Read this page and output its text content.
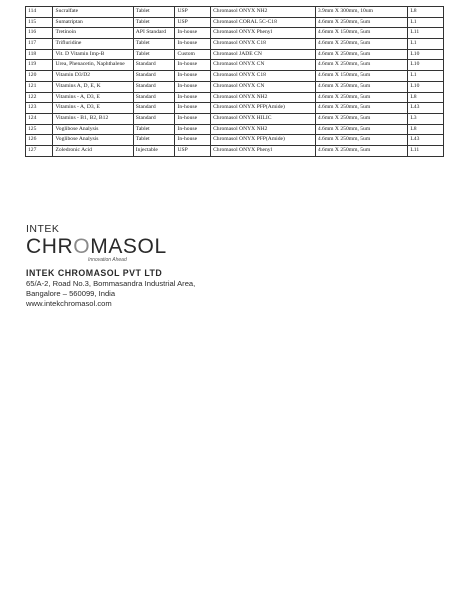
114	Sucralfate	Tablet	USP	Chromasol ONYX NH2	3.9mm X 300mm, 10um	L8
115	Sumatriptan	Tablet	USP	Chromasol CORAL 5C-C18	4.6mm X 250mm, 5um	L1
116	Tretinoin	API Standard	In-house	Chromasol ONYX Phenyl	4.6mm X 150mm, 5um	L11
117	Trifluridine	Tablet	In-house	Chromasol ONYX C18	4.6mm X 250mm, 5um	L1
118	Vit. D Vitamin Imp-B	Tablet	Custom	Chromasol JADE CN	4.6mm X 250mm, 5um	L10
119	Urea, Phenacetin, Naphthalene	Standard	In-house	Chromasol ONYX CN	4.6mm X 250mm, 5um	L10
120	Vitamin D3/D2	Standard	In-house	Chromasol ONYX C18	4.6mm X 150mm, 5um	L1
121	Vitamins A, D, E, K	Standard	In-house	Chromasol ONYX CN	4.6mm X 250mm, 5um	L10
122	Vitamins - A, D3, E	Standard	In-house	Chromasol ONYX NH2	4.6mm X 250mm, 5um	L8
123	Vitamins - A, D3, E	Standard	In-house	Chromasol ONYX PFP(Amide)	4.6mm X 250mm, 5um	L43
124	Vitamins - B1, B2, B12	Standard	In-house	Chromasol ONYX HILIC	4.6mm X 250mm, 5um	L3
125	Voglibose Analysis	Tablet	In-house	Chromasol ONYX NH2	4.6mm X 250mm, 5um	L8
126	Voglibose Analysis	Tablet	In-house	Chromasol ONYX PFP(Amide)	4.6mm X 250mm, 5um	L43
127	Zoledronic Acid	Injectable	USP	Chromasol ONYX Phenyl	4.6mm X 250mm, 5um	L11
INTEK
CHROMASOL
Innovation Ahead
INTEK CHROMASOL PVT LTD
65/A-2, Road No.3, Bommasandra Industrial Area,
Bangalore – 560099, India
www.intekchromasol.com
